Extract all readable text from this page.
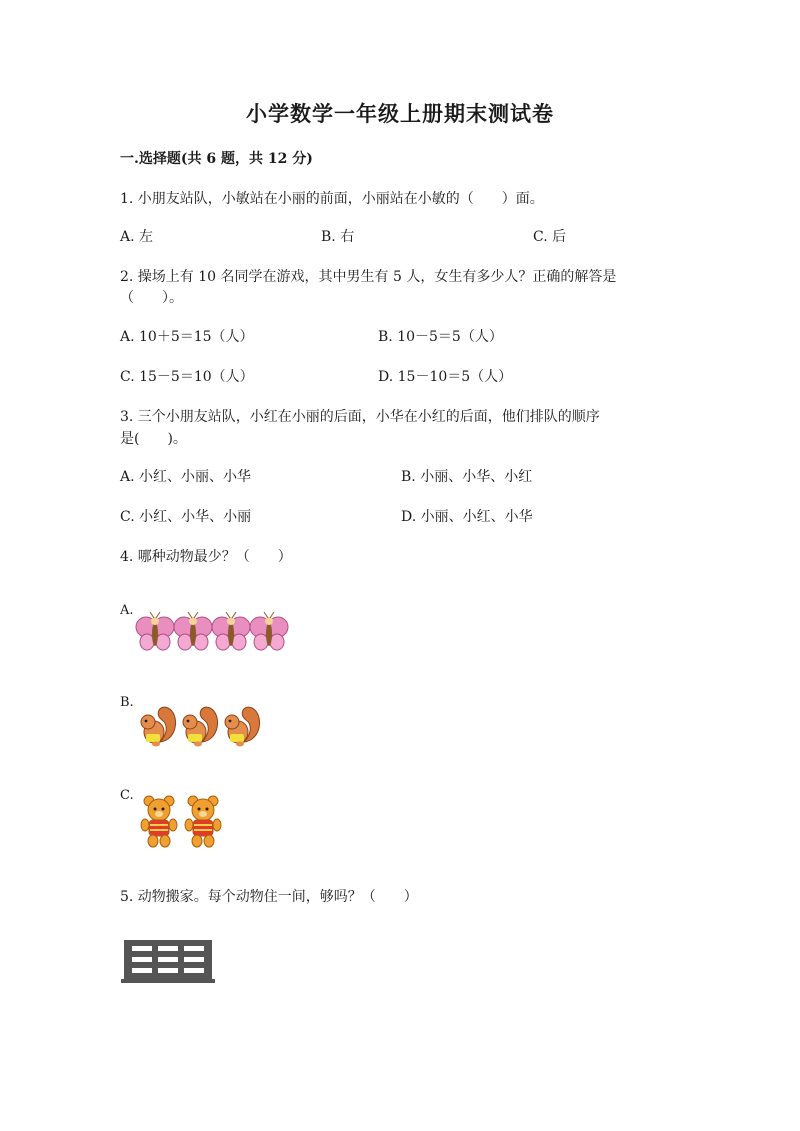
小学数学一年级上册期末测试卷
一.选择题(共 6 题，共 12 分)
1. 小朋友站队，小敏站在小丽的前面，小丽站在小敏的（　　）面。
A. 左	B. 右	C. 后
2. 操场上有 10 名同学在游戏，其中男生有 5 人，女生有多少人？正确的解答是
（　　）。
A. 10＋5＝15（人）	B. 10－5＝5（人）
C. 15－5＝10（人）	D. 15－10＝5（人）
3. 三个小朋友站队，小红在小丽的后面，小华在小红的后面，他们排队的顺序
是(　　)。
A. 小红、小丽、小华	B. 小丽、小华、小红
C. 小红、小华、小丽	D. 小丽、小红、小华
4. 哪种动物最少？（　　）
A.
B.
C.
5. 动物搬家。每个动物住一间，够吗？（　　）
